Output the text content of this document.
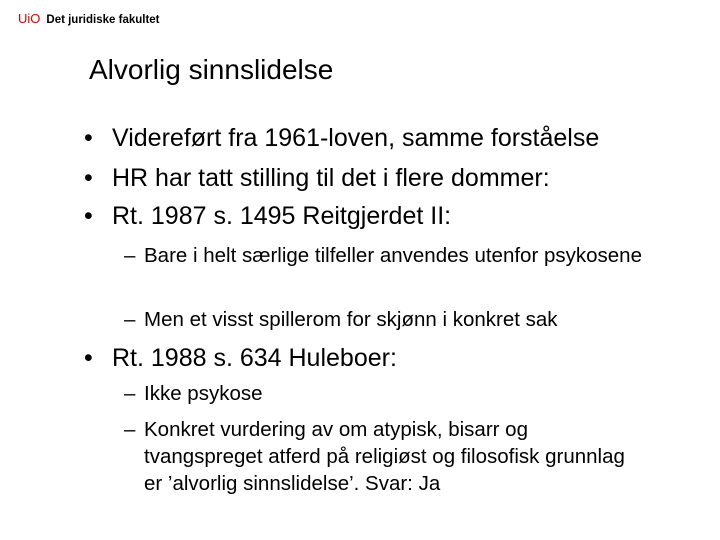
UiO Det juridiske fakultet
Alvorlig sinnslidelse
• Videreført fra 1961-loven, samme forståelse
• HR har tatt stilling til det i flere dommer:
• Rt. 1987 s. 1495 Reitgjerdet II:
– Bare i helt særlige tilfeller anvendes utenfor psykosene
– Men et visst spillerom for skjønn i konkret sak
• Rt. 1988 s. 634 Huleboer:
– Ikke psykose
– Konkret vurdering av om atypisk, bisarr og tvangspreget atferd på religiøst og filosofisk grunnlag er ’alvorlig sinnslidelse’. Svar: Ja
